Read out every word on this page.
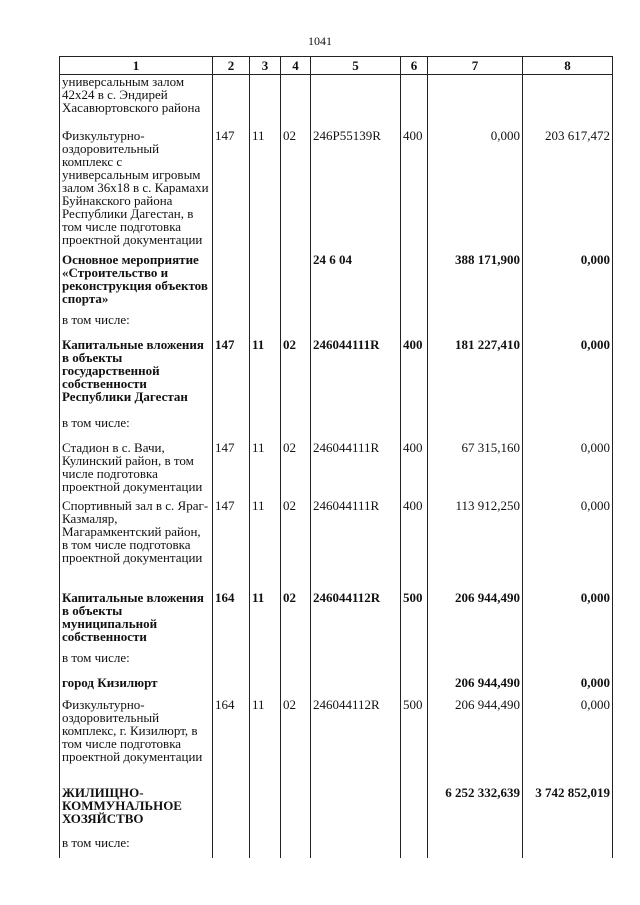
1041
1	2	3	4	5	6	7	8
универсальным залом 42х24 в с. Эндирей Хасавюртовского района							
Физкультурно-оздоровительный комплекс с универсальным игровым залом 36х18 в с. Карамахи Буйнакского района Республики Дагестан, в том числе подготовка проектной документации	147	11	02	246P55139R	400	0,000	203 617,472
Основное мероприятие «Строительство и реконструкция объектов спорта»				24 6 04		388 171,900	0,000
в том числе:							
Капитальные вложения в объекты государственной собственности Республики Дагестан	147	11	02	246044111R	400	181 227,410	0,000
в том числе:							
Стадион в с. Вачи, Кулинский район, в том числе подготовка проектной документации	147	11	02	246044111R	400	67 315,160	0,000
Спортивный зал в с. Яраг-Казмаляр, Магарамкентский район, в том числе подготовка проектной документации	147	11	02	246044111R	400	113 912,250	0,000
Капитальные вложения в объекты муниципальной собственности	164	11	02	246044112R	500	206 944,490	0,000
в том числе:							
город Кизилюрт						206 944,490	0,000
Физкультурно-оздоровительный комплекс, г. Кизилюрт, в том числе подготовка проектной документации	164	11	02	246044112R	500	206 944,490	0,000
ЖИЛИЩНО-КОММУНАЛЬНОЕ ХОЗЯЙСТВО						6 252 332,639	3 742 852,019
в том числе:							
